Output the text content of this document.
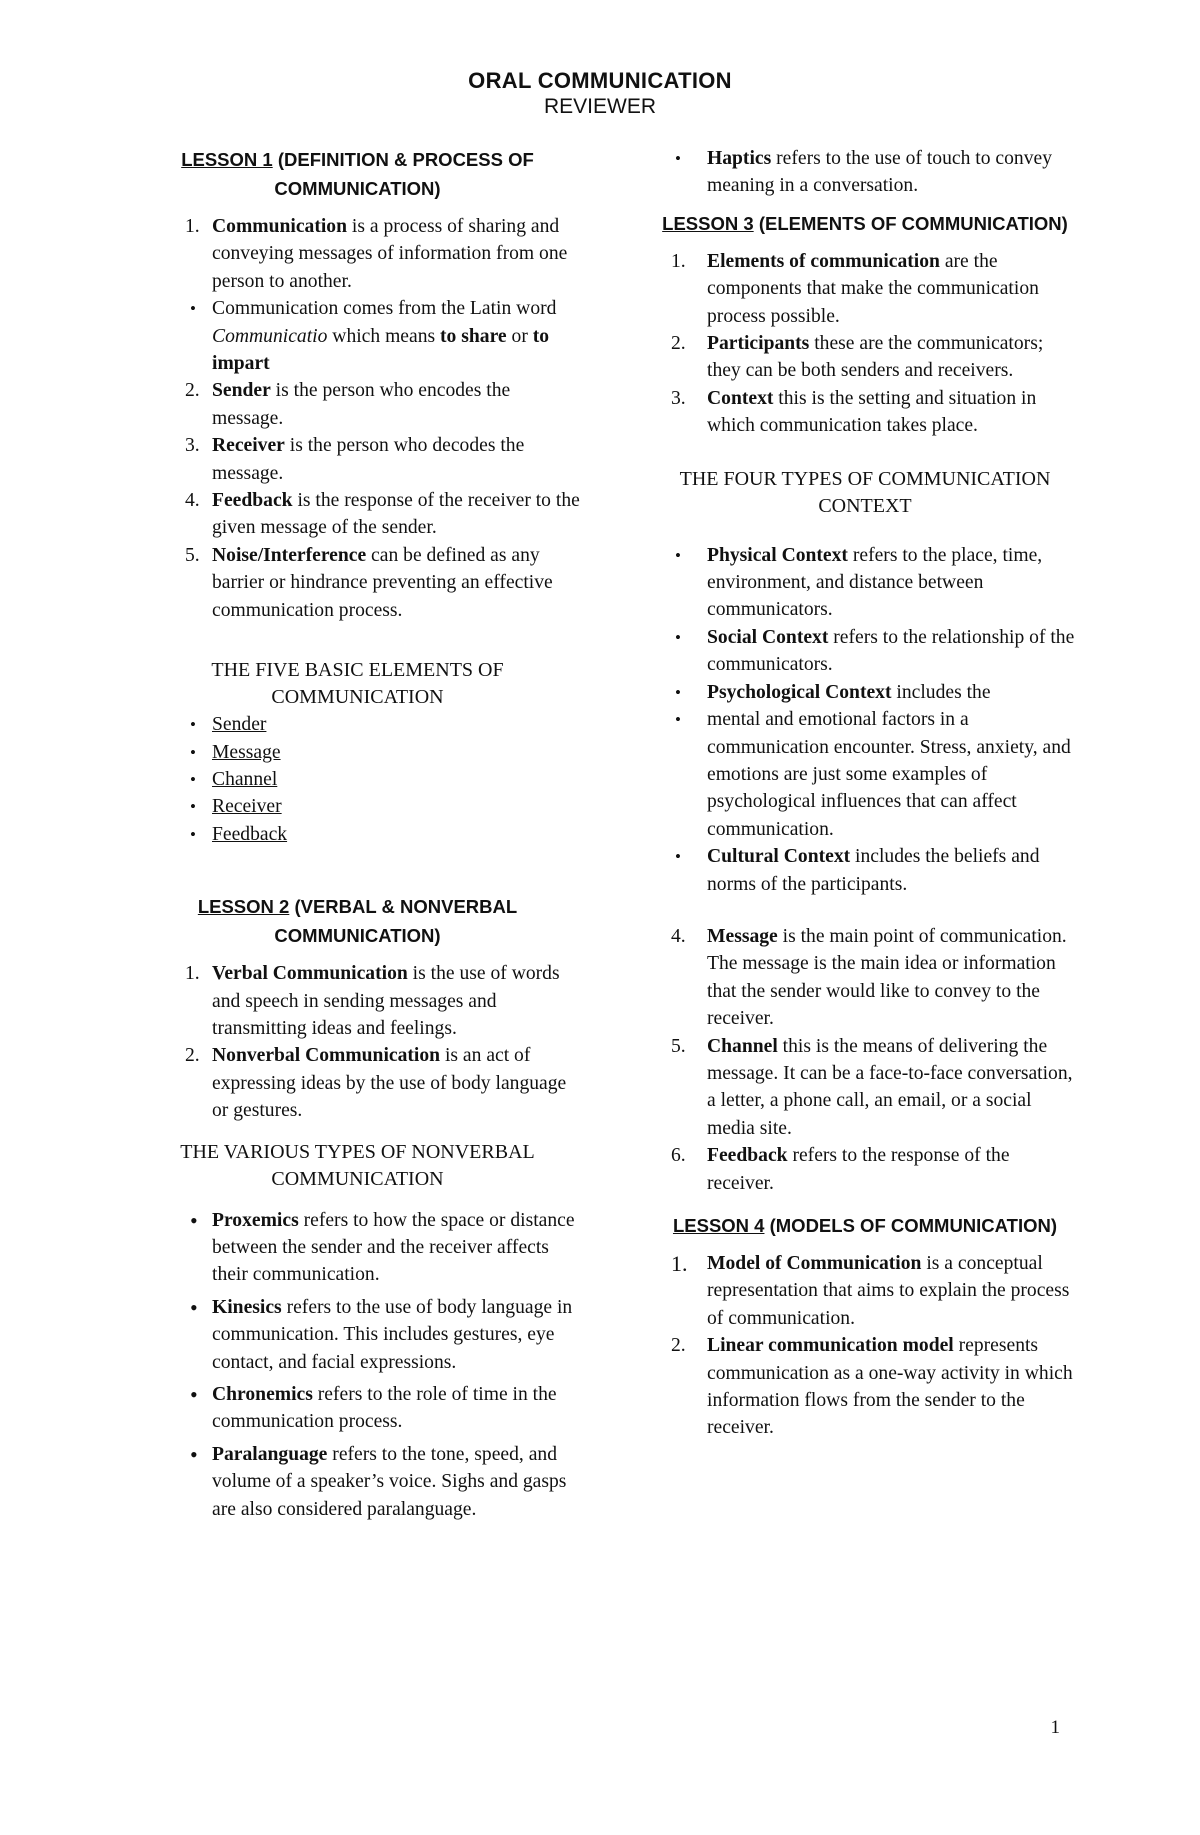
ORAL COMMUNICATION
REVIEWER
LESSON 1 (DEFINITION & PROCESS OF COMMUNICATION)
1. Communication is a process of sharing and conveying messages of information from one person to another.
• Communication comes from the Latin word Communicatio which means to share or to impart
2. Sender is the person who encodes the message.
3. Receiver is the person who decodes the message.
4. Feedback is the response of the receiver to the given message of the sender.
5. Noise/Interference can be defined as any barrier or hindrance preventing an effective communication process.
THE FIVE BASIC ELEMENTS OF COMMUNICATION
• Sender
• Message
• Channel
• Receiver
• Feedback
LESSON 2 (VERBAL & NONVERBAL COMMUNICATION)
1. Verbal Communication is the use of words and speech in sending messages and transmitting ideas and feelings.
2. Nonverbal Communication is an act of expressing ideas by the use of body language or gestures.
THE VARIOUS TYPES OF NONVERBAL COMMUNICATION
• Proxemics refers to how the space or distance between the sender and the receiver affects their communication.
• Kinesics refers to the use of body language in communication. This includes gestures, eye contact, and facial expressions.
• Chronemics refers to the role of time in the communication process.
• Paralanguage refers to the tone, speed, and volume of a speaker’s voice. Sighs and gasps are also considered paralanguage.
• Haptics refers to the use of touch to convey meaning in a conversation.
LESSON 3 (ELEMENTS OF COMMUNICATION)
1. Elements of communication are the components that make the communication process possible.
2. Participants these are the communicators; they can be both senders and receivers.
3. Context this is the setting and situation in which communication takes place.
THE FOUR TYPES OF COMMUNICATION CONTEXT
• Physical Context refers to the place, time, environment, and distance between communicators.
• Social Context refers to the relationship of the communicators.
• Psychological Context includes the
• mental and emotional factors in a communication encounter. Stress, anxiety, and emotions are just some examples of psychological influences that can affect communication.
• Cultural Context includes the beliefs and norms of the participants.
4. Message is the main point of communication. The message is the main idea or information that the sender would like to convey to the receiver.
5. Channel this is the means of delivering the message. It can be a face-to-face conversation, a letter, a phone call, an email, or a social media site.
6. Feedback refers to the response of the receiver.
LESSON 4 (MODELS OF COMMUNICATION)
1. Model of Communication is a conceptual representation that aims to explain the process of communication.
2. Linear communication model represents communication as a one-way activity in which information flows from the sender to the receiver.
1
